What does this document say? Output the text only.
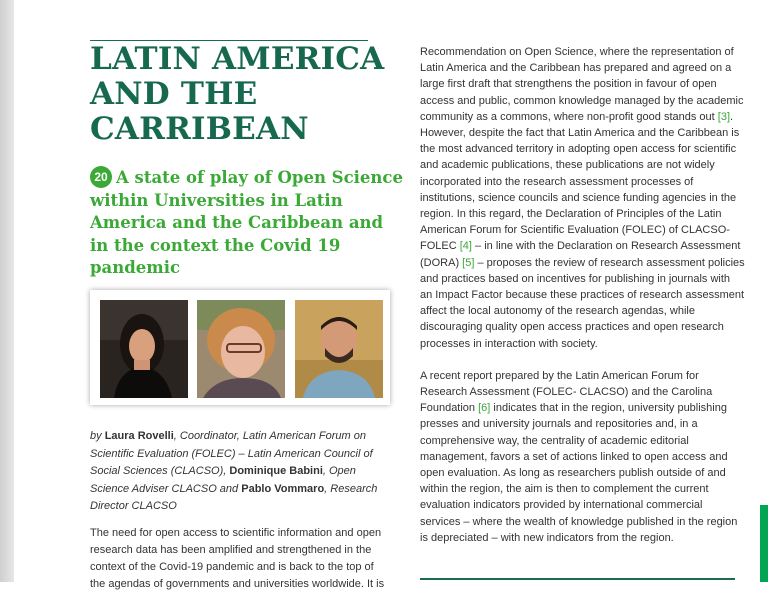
LATIN AMERICA AND THE CARRIBEAN
20 A state of play of Open Science within Universities in Latin America and the Caribbean and in the context the Covid 19 pandemic

by Laura Rovelli, Coordinator, Latin American Forum on Scientific Evaluation (FOLEC) – Latin American Council of Social Sciences (CLACSO), Dominique Babini, Open Science Adviser CLACSO and Pablo Vommaro, Research Director CLACSO

The need for open access to scientific information and open research data has been amplified and strengthened in the context of the Covid-19 pandemic and is back to the top of the agendas of governments and universities worldwide. It is

Recommendation on Open Science, where the representation of Latin America and the Caribbean has prepared and agreed on a large first draft that strengthens the position in favour of open access and public, common knowledge managed by the academic community as a commons, where non-profit good stands out [3]. However, despite the fact that Latin America and the Caribbean is the most advanced territory in adopting open access for scientific and academic publications, these publications are not widely incorporated into the research assessment processes of institutions, science councils and science funding agencies in the region. In this regard, the Declaration of Principles of the Latin American Forum for Scientific Evaluation (FOLEC) of CLACSO-FOLEC [4] – in line with the Declaration on Research Assessment (DORA) [5] – proposes the review of research assessment policies and practices based on incentives for publishing in journals with an Impact Factor because these practices of research assessment affect the local autonomy of the research agendas, while discouraging quality open access practices and open research processes in interaction with society.

A recent report prepared by the Latin American Forum for Research Assessment (FOLEC- CLACSO) and the Carolina Foundation [6] indicates that in the region, university publishing presses and university journals and repositories and, in a comprehensive way, the centrality of academic editorial management, favors a set of actions linked to open access and open evaluation. As long as researchers publish outside of and within the region, the aim is then to complement the current evaluation indicators provided by international commercial services – where the wealth of knowledge published in the region is depreciated – with new indicators from the region.
